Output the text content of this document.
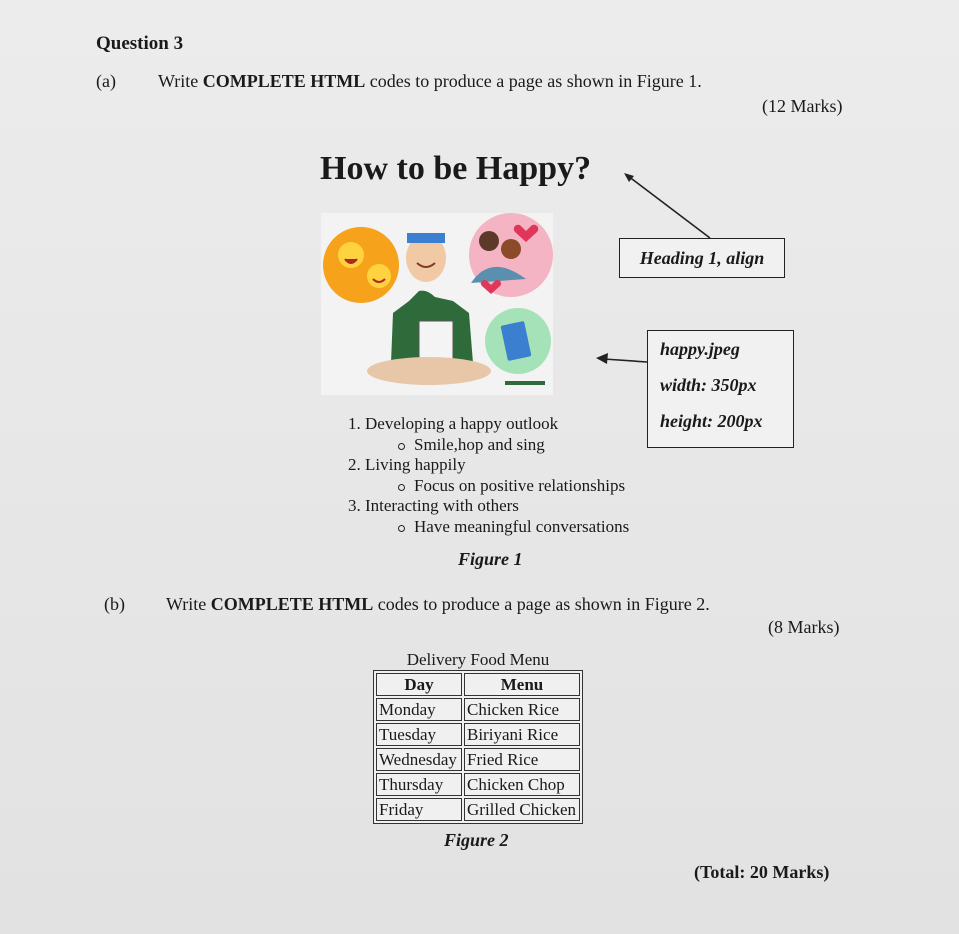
Question 3
(a) Write COMPLETE HTML codes to produce a page as shown in Figure 1.
(12 Marks)
How to be Happy?
Heading 1, align
happy.jpeg
width: 350px
height: 200px
1. Developing a happy outlook
Smile,hop and sing
2. Living happily
Focus on positive relationships
3. Interacting with others
Have meaningful conversations
Figure 1
(b) Write COMPLETE HTML codes to produce a page as shown in Figure 2.
(8 Marks)
Delivery Food Menu
Day	Menu
Monday	Chicken Rice
Tuesday	Biriyani Rice
Wednesday	Fried Rice
Thursday	Chicken Chop
Friday	Grilled Chicken
Figure 2
(Total: 20 Marks)
